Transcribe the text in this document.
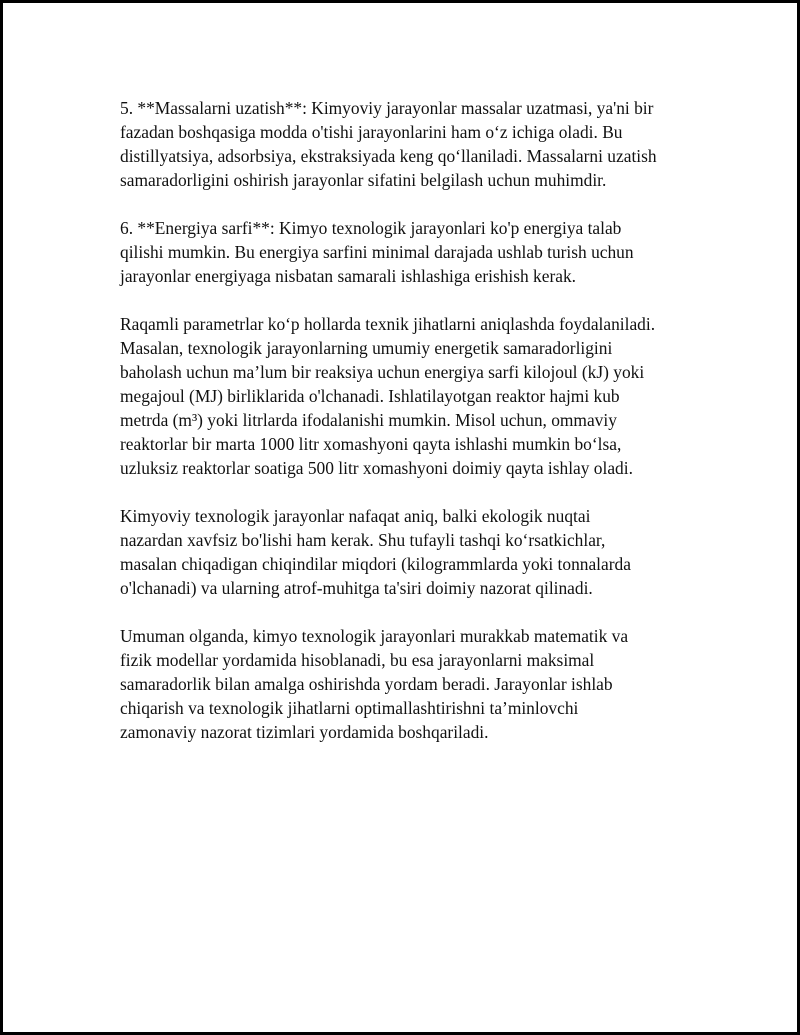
5. **Massalarni uzatish**: Kimyoviy jarayonlar massalar uzatmasi, ya'ni bir
fazadan boshqasiga modda o'tishi jarayonlarini ham o‘z ichiga oladi. Bu
distillyatsiya, adsorbsiya, ekstraksiyada keng qo‘llaniladi. Massalarni uzatish
samaradorligini oshirish jarayonlar sifatini belgilash uchun muhimdir.

6. **Energiya sarfi**: Kimyo texnologik jarayonlari ko'p energiya talab
qilishi mumkin. Bu energiya sarfini minimal darajada ushlab turish uchun
jarayonlar energiyaga nisbatan samarali ishlashiga erishish kerak.

Raqamli parametrlar ko‘p hollarda texnik jihatlarni aniqlashda foydalaniladi.
Masalan, texnologik jarayonlarning umumiy energetik samaradorligini
baholash uchun ma’lum bir reaksiya uchun energiya sarfi kilojoul (kJ) yoki
megajoul (MJ) birliklarida o'lchanadi. Ishlatilayotgan reaktor hajmi kub
metrda (m³) yoki litrlarda ifodalanishi mumkin. Misol uchun, ommaviy
reaktorlar bir marta 1000 litr xomashyoni qayta ishlashi mumkin bo‘lsa,
uzluksiz reaktorlar soatiga 500 litr xomashyoni doimiy qayta ishlay oladi.

Kimyoviy texnologik jarayonlar nafaqat aniq, balki ekologik nuqtai
nazardan xavfsiz bo'lishi ham kerak. Shu tufayli tashqi ko‘rsatkichlar,
masalan chiqadigan chiqindilar miqdori (kilogrammlarda yoki tonnalarda
o'lchanadi) va ularning atrof-muhitga ta'siri doimiy nazorat qilinadi.

Umuman olganda, kimyo texnologik jarayonlari murakkab matematik va
fizik modellar yordamida hisoblanadi, bu esa jarayonlarni maksimal
samaradorlik bilan amalga oshirishda yordam beradi. Jarayonlar ishlab
chiqarish va texnologik jihatlarni optimallashtirishni ta’minlovchi
zamonaviy nazorat tizimlari yordamida boshqariladi.
